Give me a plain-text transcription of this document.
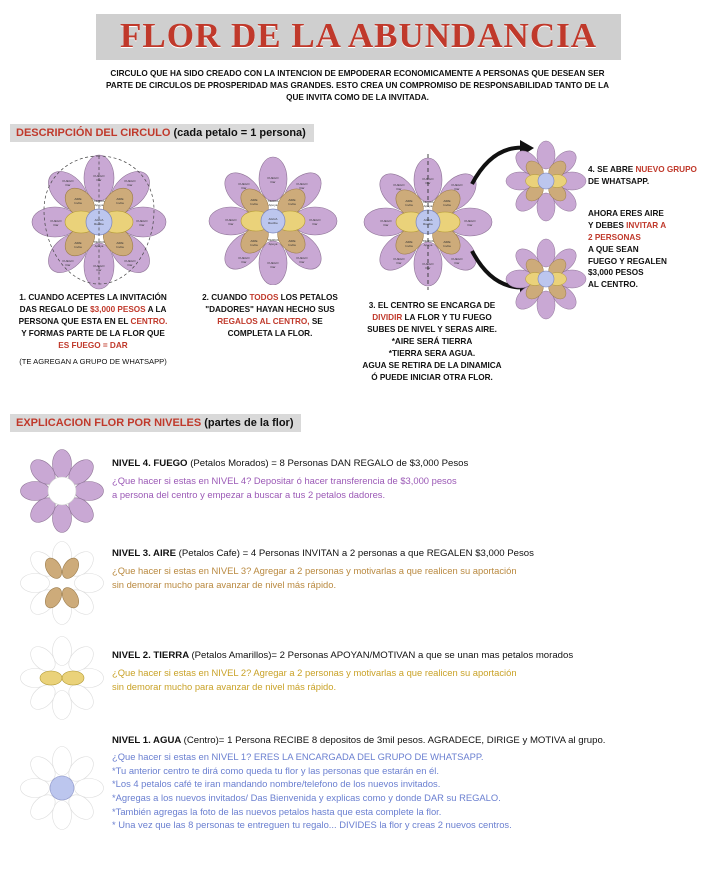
FLOR DE LA ABUNDANCIA
CIRCULO QUE HA SIDO CREADO CON LA INTENCION DE EMPODERAR ECONOMICAMENTE A PERSONAS QUE DESEAN SER PARTE DE CIRCULOS DE PROSPERIDAD MAS GRANDES. ESTO CREA UN COMPROMISO DE RESPONSABILIDAD TANTO DE LA QUE INVITA COMO DE LA INVITADA.
DESCRIPCIÓN DEL CIRCULO (cada petalo = 1 persona)
AGUA
Recibe
TIERRA
Apoya
TIERRA
Apoya
AIRE
Invita
AIRE
Invita
AIRE
Invita
AIRE
Invita
FUEGO
Dar
FUEGO
Dar
FUEGO
Dar
FUEGO
Dar
FUEGO
Dar
FUEGO
Dar
FUEGO
Dar
FUEGO
Dar
AGUA
Recibe
TIERRA
Apoya
TIERRA
Apoya
AIRE
Invita
AIRE
Invita
AIRE
Invita
AIRE
Invita
FUEGO
Dar
FUEGO
Dar
FUEGO
Dar
FUEGO
Dar
FUEGO
Dar
FUEGO
Dar
FUEGO
Dar
FUEGO
Dar
AGUA
Recibe
TIERRA
Apoya
TIERRA
Apoya
AIRE
Invita
AIRE
Invita
AIRE
Invita
AIRE
Invita
FUEGO
Dar
FUEGO
Dar
FUEGO
Dar
FUEGO
Dar
FUEGO
Dar
FUEGO
Dar
FUEGO
Dar
FUEGO
Dar
1. CUANDO ACEPTES LA INVITACIÓN
DAS REGALO DE $3,000 PESOS A LA
PERSONA QUE ESTA EN EL CENTRO.
Y FORMAS PARTE DE LA FLOR QUE
ES FUEGO = DAR
(TE AGREGAN A GRUPO DE WHATSAPP)
2. CUANDO TODOS LOS PETALOS
"DADORES" HAYAN HECHO SUS
REGALOS AL CENTRO, SE
COMPLETA LA FLOR.
3. EL CENTRO SE ENCARGA DE
DIVIDIR LA FLOR Y TU FUEGO
SUBES DE NIVEL Y SERAS AIRE.
*AIRE SERÁ TIERRA
*TIERRA SERA AGUA.
AGUA SE RETIRA DE LA DINAMICA
Ó PUEDE INICIAR OTRA FLOR.
4. SE ABRE NUEVO GRUPO
DE WHATSAPP.
AHORA ERES AIRE
Y DEBES INVITAR A
2 PERSONAS
A QUE SEAN
FUEGO Y REGALEN
$3,000 PESOS
AL CENTRO.
EXPLICACION FLOR POR NIVELES (partes de la flor)
NIVEL 4. FUEGO (Petalos Morados) = 8 Personas DAN REGALO de $3,000 Pesos
¿Que hacer si estas en NIVEL 4? Depositar ó hacer transferencia de $3,000 pesos
a persona del centro y empezar a buscar a tus 2 petalos dadores.
NIVEL 3. AIRE (Petalos Cafe) = 4 Personas INVITAN a 2 personas a que REGALEN $3,000 Pesos
¿Que hacer si estas en NIVEL 3? Agregar a 2 personas y motivarlas a que realicen su aportación
sin demorar mucho para avanzar de nivel más rápido.
NIVEL 2. TIERRA (Petalos Amarillos)= 2 Personas APOYAN/MOTIVAN a que se unan mas petalos morados
¿Que hacer si estas en NIVEL 2? Agregar a 2 personas y motivarlas a que realicen su aportación
sin demorar mucho para avanzar de nivel más rápido.
NIVEL 1. AGUA (Centro)= 1 Persona RECIBE 8 depositos de 3mil pesos. AGRADECE, DIRIGE y MOTIVA al grupo.
¿Que hacer si estas en NIVEL 1? ERES LA ENCARGADA DEL GRUPO DE WHATSAPP.
*Tu anterior centro te dirá como queda tu flor y las personas que estarán en él.
*Los 4 petalos café te iran mandando nombre/telefono de los nuevos invitados.
*Agregas a los nuevos invitados/ Das Bienvenida y explicas como y donde DAR su REGALO.
*También agregas la foto de las nuevos petalos hasta que esta complete la flor.
* Una vez que las 8 personas te entreguen tu regalo... DIVIDES la flor y creas 2 nuevos centros.
